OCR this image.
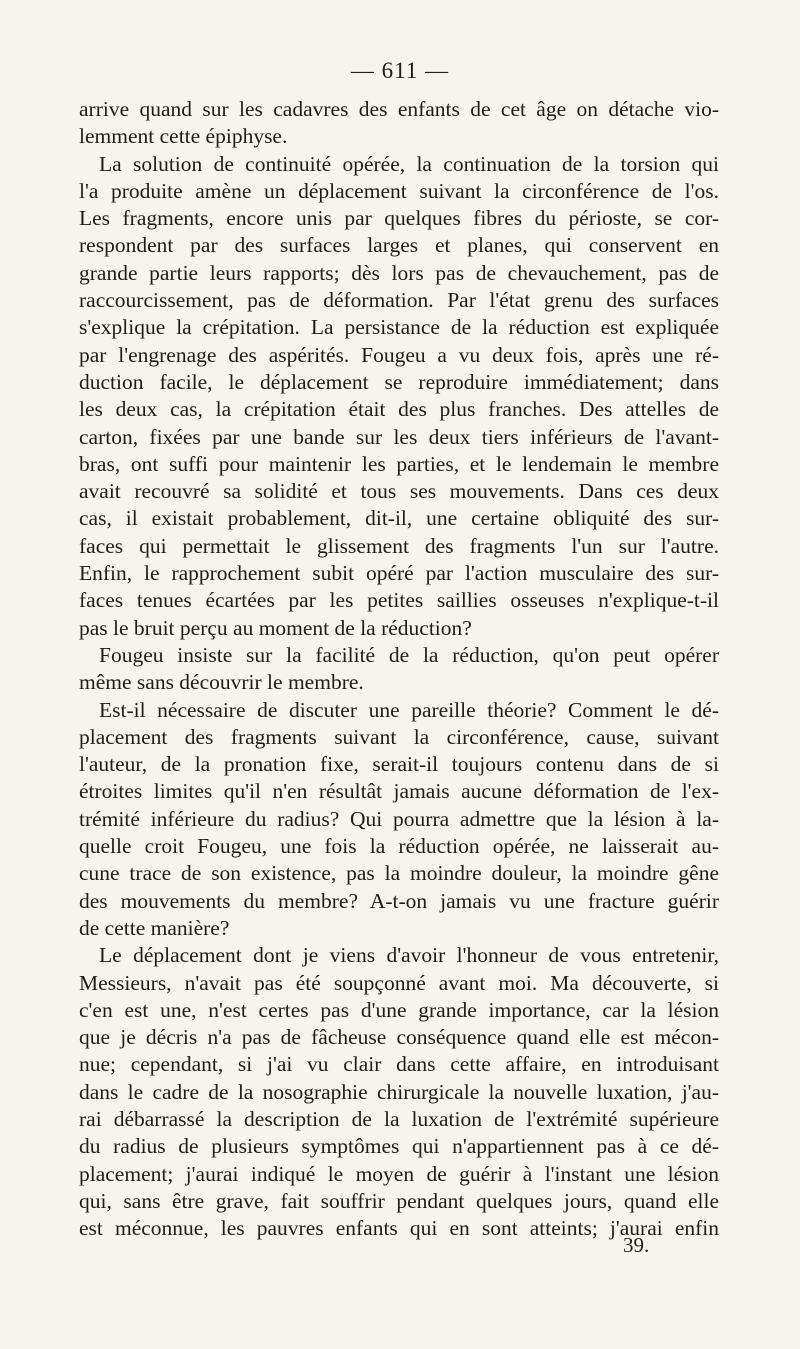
— 611 —
arrive quand sur les cadavres des enfants de cet âge on détache vio-
lemment cette épiphyse.
La solution de continuité opérée, la continuation de la torsion qui
l'a produite amène un déplacement suivant la circonférence de l'os.
Les fragments, encore unis par quelques fibres du périoste, se cor-
respondent par des surfaces larges et planes, qui conservent en
grande partie leurs rapports; dès lors pas de chevauchement, pas de
raccourcissement, pas de déformation. Par l'état grenu des surfaces
s'explique la crépitation. La persistance de la réduction est expliquée
par l'engrenage des aspérités. Fougeu a vu deux fois, après une ré-
duction facile, le déplacement se reproduire immédiatement; dans
les deux cas, la crépitation était des plus franches. Des attelles de
carton, fixées par une bande sur les deux tiers inférieurs de l'avant-
bras, ont suffi pour maintenir les parties, et le lendemain le membre
avait recouvré sa solidité et tous ses mouvements. Dans ces deux
cas, il existait probablement, dit-il, une certaine obliquité des sur-
faces qui permettait le glissement des fragments l'un sur l'autre.
Enfin, le rapprochement subit opéré par l'action musculaire des sur-
faces tenues écartées par les petites saillies osseuses n'explique-t-il
pas le bruit perçu au moment de la réduction?
Fougeu insiste sur la facilité de la réduction, qu'on peut opérer
même sans découvrir le membre.
Est-il nécessaire de discuter une pareille théorie? Comment le dé-
placement des fragments suivant la circonférence, cause, suivant
l'auteur, de la pronation fixe, serait-il toujours contenu dans de si
étroites limites qu'il n'en résultât jamais aucune déformation de l'ex-
trémité inférieure du radius? Qui pourra admettre que la lésion à la-
quelle croit Fougeu, une fois la réduction opérée, ne laisserait au-
cune trace de son existence, pas la moindre douleur, la moindre gêne
des mouvements du membre? A-t-on jamais vu une fracture guérir
de cette manière?
Le déplacement dont je viens d'avoir l'honneur de vous entretenir,
Messieurs, n'avait pas été soupçonné avant moi. Ma découverte, si
c'en est une, n'est certes pas d'une grande importance, car la lésion
que je décris n'a pas de fâcheuse conséquence quand elle est mécon-
nue; cependant, si j'ai vu clair dans cette affaire, en introduisant
dans le cadre de la nosographie chirurgicale la nouvelle luxation, j'au-
rai débarrassé la description de la luxation de l'extrémité supérieure
du radius de plusieurs symptômes qui n'appartiennent pas à ce dé-
placement; j'aurai indiqué le moyen de guérir à l'instant une lésion
qui, sans être grave, fait souffrir pendant quelques jours, quand elle
est méconnue, les pauvres enfants qui en sont atteints; j'aurai enfin
39.
